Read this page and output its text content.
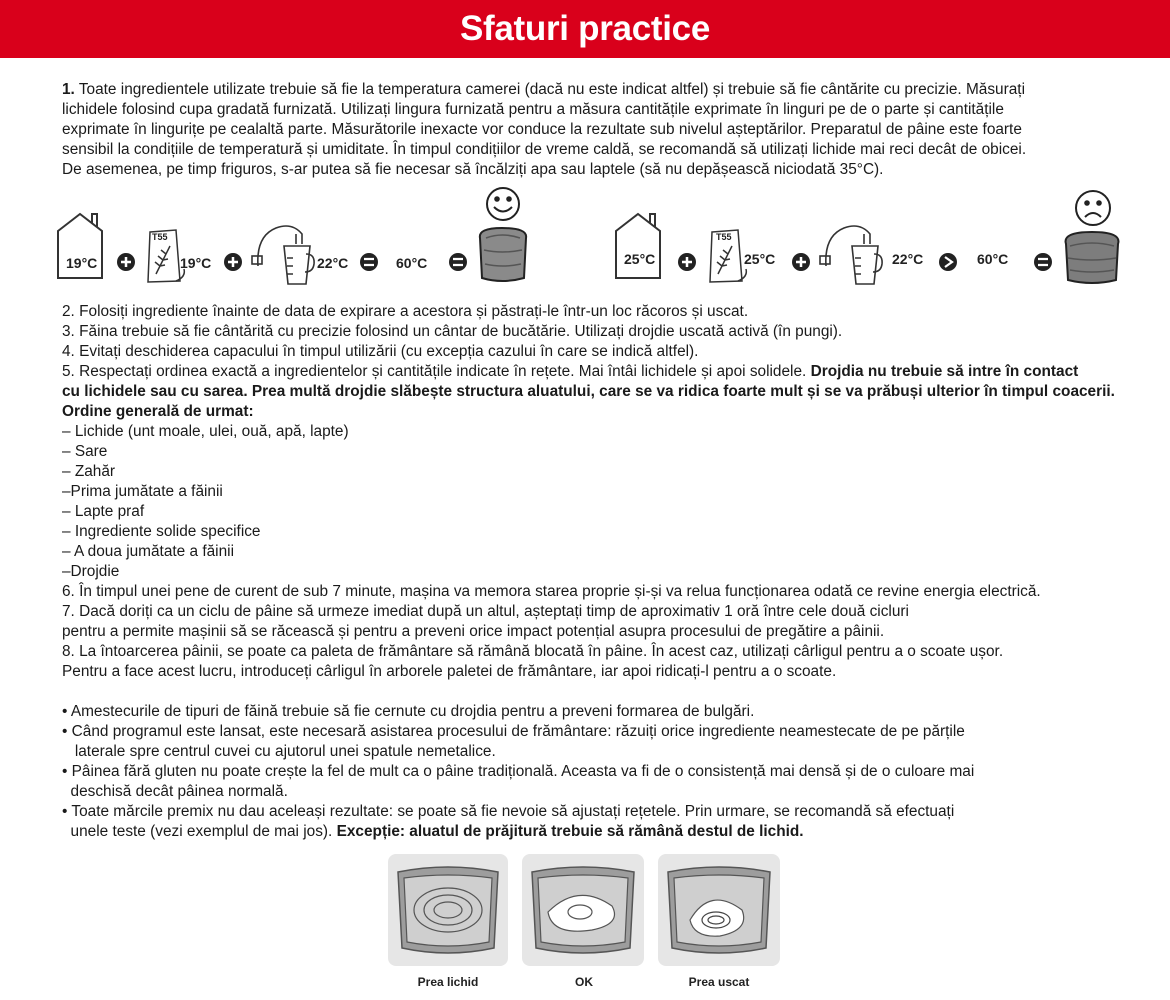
Sfaturi practice
1. Toate ingredientele utilizate trebuie să fie la temperatura camerei (dacă nu este indicat altfel) și trebuie să fie cântărite cu precizie. Măsurați
lichidele folosind cupa gradată furnizată. Utilizați lingura furnizată pentru a măsura cantitățile exprimate în linguri pe de o parte și cantitățile
exprimate în lingurițe pe cealaltă parte. Măsurătorile inexacte vor conduce la rezultate sub nivelul așteptărilor. Preparatul de pâine este foarte
sensibil la condițiile de temperatură și umiditate. În timpul condițiilor de vreme caldă, se recomandă să utilizați lichide mai reci decât de obicei.
De asemenea, pe timp friguros, s-ar putea să fie necesar să încălziți apa sau laptele (să nu depășească niciodată 35°C).
19°C
T55
19°C	22°C	60°C	25°C
T55
25°C	22°C	60°C
2. Folosiți ingrediente înainte de data de expirare a acestora și păstrați-le într-un loc răcoros și uscat.
3. Făina trebuie să fie cântărită cu precizie folosind un cântar de bucătărie. Utilizați drojdie uscată activă (în pungi).
4. Evitați deschiderea capacului în timpul utilizării (cu excepția cazului în care se indică altfel).
5. Respectați ordinea exactă a ingredientelor și cantitățile indicate în rețete. Mai întâi lichidele și apoi solidele. Drojdia nu trebuie să intre în contact
cu lichidele sau cu sarea. Prea multă drojdie slăbește structura aluatului, care se va ridica foarte mult și se va prăbuși ulterior în timpul coacerii.
Ordine generală de urmat:
– Lichide (unt moale, ulei, ouă, apă, lapte)
– Sare
– Zahăr
–Prima jumătate a făinii
– Lapte praf
– Ingrediente solide specifice
– A doua jumătate a făinii
–Drojdie
6. În timpul unei pene de curent de sub 7 minute, mașina va memora starea proprie și-și va relua funcționarea odată ce revine energia electrică.
7. Dacă doriți ca un ciclu de pâine să urmeze imediat după un altul, așteptați timp de aproximativ 1 oră între cele două cicluri
pentru a permite mașinii să se răcească și pentru a preveni orice impact potențial asupra procesului de pregătire a pâinii.
8. La întoarcerea pâinii, se poate ca paleta de frământare să rămână blocată în pâine. În acest caz, utilizați cârligul pentru a o scoate ușor.
Pentru a face acest lucru, introduceți cârligul în arborele paletei de frământare, iar apoi ridicați-l pentru a o scoate.
• Amestecurile de tipuri de făină trebuie să fie cernute cu drojdia pentru a preveni formarea de bulgări.
• Când programul este lansat, este necesară asistarea procesului de frământare: răzuiți orice ingrediente neamestecate de pe părțile
laterale spre centrul cuvei cu ajutorul unei spatule nemetalice.
• Pâinea fără gluten nu poate crește la fel de mult ca o pâine tradițională. Aceasta va fi de o consistență mai densă și de o culoare mai
deschisă decât pâinea normală.
• Toate mărcile premix nu dau aceleași rezultate: se poate să fie nevoie să ajustați rețetele. Prin urmare, se recomandă să efectuați
unele teste (vezi exemplul de mai jos). Excepție: aluatul de prăjitură trebuie să rămână destul de lichid.
Prea lichid	OK	Prea uscat
